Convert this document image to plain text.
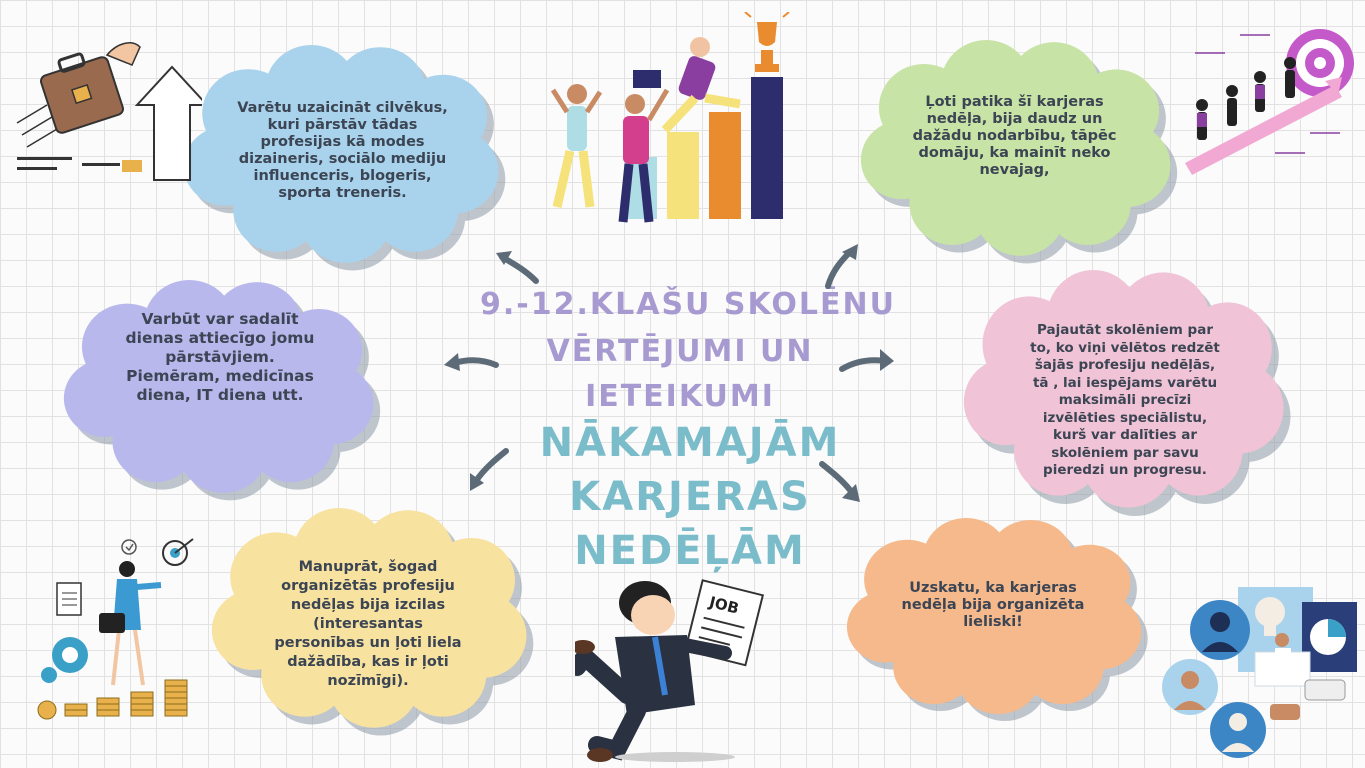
Varētu uzaicināt cilvēkus, kuri pārstāv tādas profesijas kā modes dizaineris, sociālo mediju influenceris, blogeris, sporta treneris.

Ļoti patika šī karjeras nedēļa, bija daudz un dažādu nodarbību, tāpēc domāju, ka mainīt neko nevajag,

Varbūt var sadalīt dienas attiecīgo jomu pārstāvjiem. Piemēram, medicīnas diena, IT diena utt.

Pajautāt skolēniem par to, ko viņi vēlētos redzēt šajās profesiju nedēļās, tā , lai iespējams varētu maksimāli precīzi izvēlēties speciālistu, kurš var dalīties ar skolēniem par savu pieredzi un progresu.

Manuprāt, šogad organizētās profesiju nedēļas bija izcilas (interesantas personības un ļoti liela dažādība, kas ir ļoti nozīmīgi).

Uzskatu, ka karjeras nedēļa bija organizēta lieliski!

9.-12.KLAŠU SKOLĒNU

VĒRTĒJUMI UN

IETEIKUMI

NĀKAMAJĀM

KARJERAS

NEDĒĻĀM

JOB
